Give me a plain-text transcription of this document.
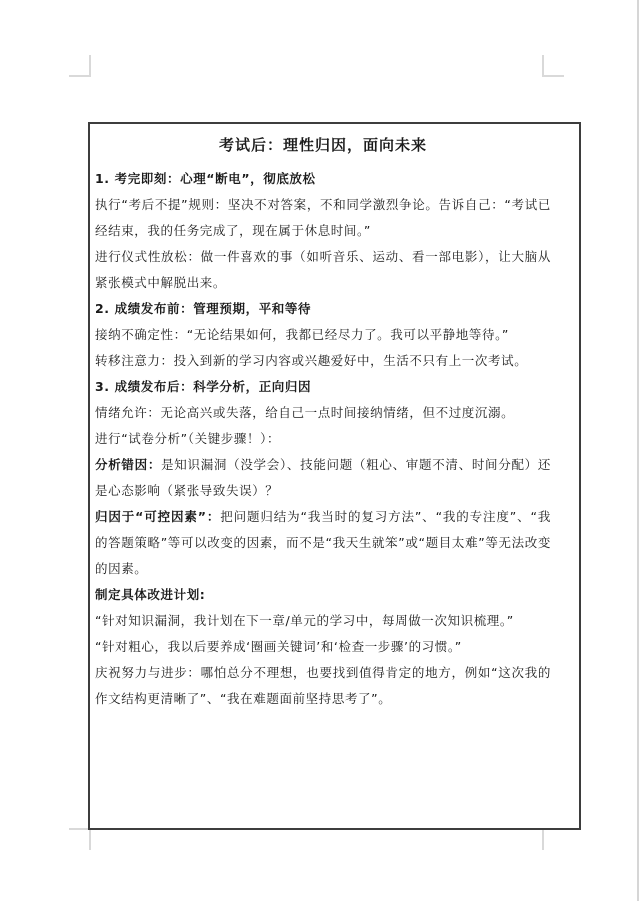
考试后：理性归因，面向未来

1. 考完即刻：心理“断电”，彻底放松

执行“考后不提”规则：坚决不对答案，不和同学激烈争论。告诉自己：“考试已经结束，我的任务完成了，现在属于休息时间。”

进行仪式性放松：做一件喜欢的事（如听音乐、运动、看一部电影），让大脑从紧张模式中解脱出来。

2. 成绩发布前：管理预期，平和等待

接纳不确定性：“无论结果如何，我都已经尽力了。我可以平静地等待。”

转移注意力：投入到新的学习内容或兴趣爱好中，生活不只有上一次考试。

3. 成绩发布后：科学分析，正向归因

情绪允许：无论高兴或失落，给自己一点时间接纳情绪，但不过度沉溺。

进行“试卷分析”（关键步骤！）：

分析错因：是知识漏洞（没学会）、技能问题（粗心、审题不清、时间分配）还是心态影响（紧张导致失误）？

归因于“可控因素”：把问题归结为“我当时的复习方法”、“我的专注度”、“我的答题策略”等可以改变的因素，而不是“我天生就笨”或“题目太难”等无法改变的因素。

制定具体改进计划:

“针对知识漏洞，我计划在下一章/单元的学习中，每周做一次知识梳理。”

“针对粗心，我以后要养成‘圈画关键词’和‘检查一步骤’的习惯。”

庆祝努力与进步：哪怕总分不理想，也要找到值得肯定的地方，例如“这次我的作文结构更清晰了”、“我在难题面前坚持思考了”。
